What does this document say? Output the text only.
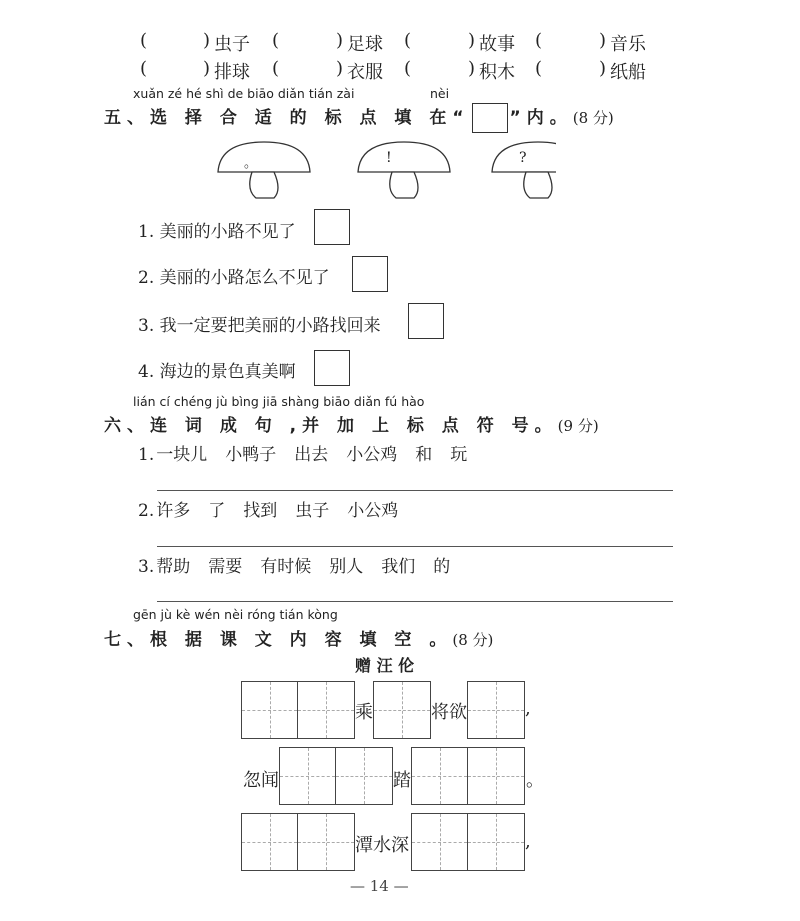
(	) 虫子 (	) 足球 (	) 故事 (	) 音乐
(	) 排球 (	) 衣服 (	) 积木 (	) 纸船
xuǎn zé hé shì de biāo diǎn tián zài	nèi
五、选 择 合 适 的 标 点 填 在“ ”内。(8 分)
。	!	?
1. 美丽的小路不见了
2. 美丽的小路怎么不见了
3. 我一定要把美丽的小路找回来
4. 海边的景色真美啊
lián cí chéng jù bìng jiā shàng biāo diǎn fú hào
六、连 词 成 句 ,并 加 上 标 点 符 号。(9 分)
1. 一块儿 小鸭子 出去 小公鸡 和 玩
2. 许多 了 找到 虫子 小公鸡
3. 帮助 需要 有时候 别人 我们 的
gēn jù kè wén nèi róng tián kòng
七、根 据 课 文 内 容 填 空 。(8 分)
赠 汪 伦
乘	将欲	,
忽闻	踏	。
潭水深	,
— 14 —
